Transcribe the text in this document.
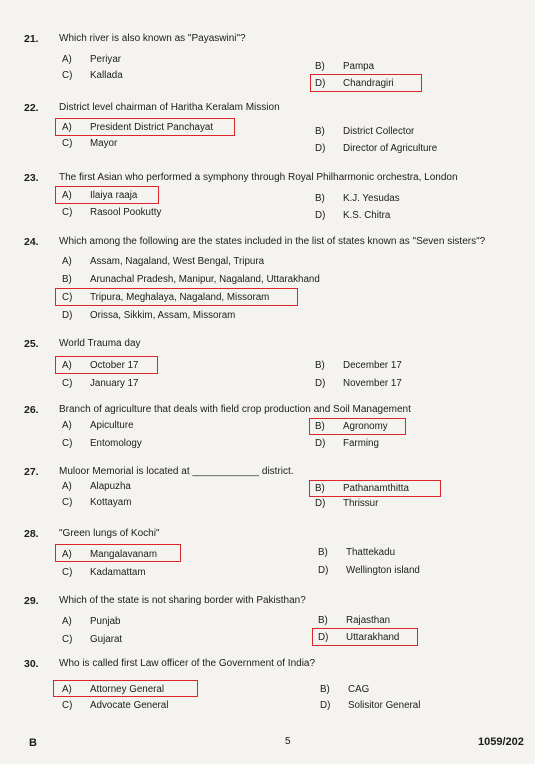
21. Which river is also known as "Payaswini"?
A) Periyar
B) Pampa
C) Kallada
D) Chandragiri
22. District level chairman of Haritha Keralam Mission
A) President District Panchayat	B) District Collector
C) Mayor	D) Director of Agriculture
23. The first Asian who performed a symphony through Royal Philharmonic orchestra, London
A) Ilaiya raaja	B) K.J. Yesudas
C) Rasool Pookutty	D) K.S. Chitra
24. Which among the following are the states included in the list of states known as "Seven sisters"?
A) Assam, Nagaland, West Bengal, Tripura
B) Arunachal Pradesh, Manipur, Nagaland, Uttarakhand
C) Tripura, Meghalaya, Nagaland, Missoram
D) Orissa, Sikkim, Assam, Missoram
25. World Trauma day
A) October 17	B) December 17
C) January 17	D) November 17
26. Branch of agriculture that deals with field crop production and Soil Management
A) Apiculture	B) Agronomy
C) Entomology	D) Farming
27. Muloor Memorial is located at ____________ district.
A) Alapuzha	B) Pathanamthitta
C) Kottayam	D) Thrissur
28. "Green lungs of Kochi"
A) Mangalavanam	B) Thattekadu
C) Kadamattam	D) Wellington island
29. Which of the state is not sharing border with Pakisthan?
A) Punjab	B) Rajasthan
C) Gujarat	D) Uttarakhand
30. Who is called first Law officer of the Government of India?
A) Attorney General	B) CAG
C) Advocate General	D) Solisitor General
B	5	1059/202
